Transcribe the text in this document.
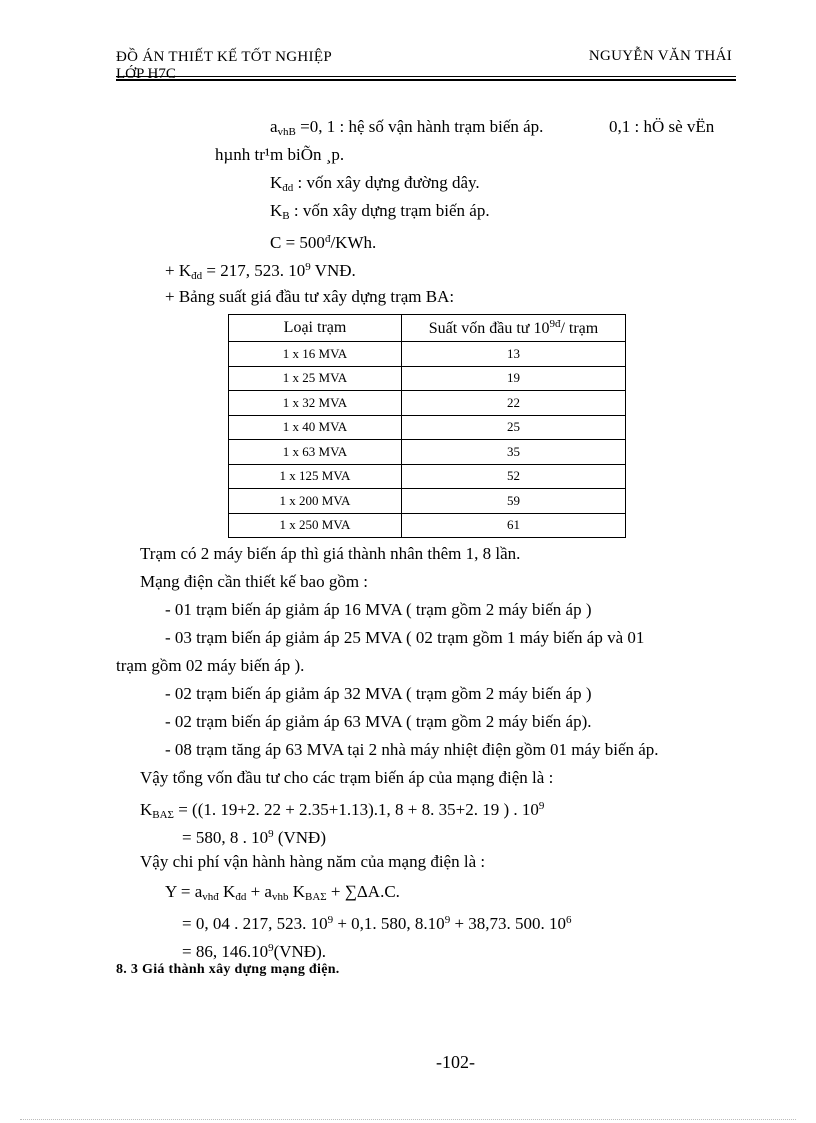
ĐỒ ÁN THIẾT KẾ TỐT NGHIỆP
LỚP H7C
NGUYỄN VĂN THÁI
$a_{vhB} =0$, 1 : hệ số vận hành trạm biến áp.	0,1 : hÖ sè vËn
hµnh tr¹m biÕn ¸p.
$K_{đd}$ : vốn xây dựng đường dây.
$K_B$ : vốn xây dựng trạm biến áp.
$C = 500^đ$/KWh.
+ $K_{đd} = 217$, 523. $10^9$ VNĐ.
+ Bảng suất giá đầu tư xây dựng trạm BA:
Loại trạm	Suất vốn đầu tư $10^{9đ}/$ trạm
1 x 16 MVA	13
1 x 25 MVA	19
1 x 32 MVA	22
1 x 40 MVA	25
1 x 63 MVA	35
1 x 125 MVA	52
1 x 200 MVA	59
1 x 250 MVA	61
Trạm có 2 máy biến áp thì giá thành nhân thêm 1, 8 lần.
Mạng điện cần thiết kế bao gồm :
- 01 trạm biến áp giảm áp 16 MVA ( trạm gồm 2 máy biến áp )
- 03 trạm biến áp giảm áp 25 MVA ( 02 trạm gồm 1 máy biến áp và 01
trạm gồm 02 máy biến áp ).
- 02 trạm biến áp giảm áp 32 MVA ( trạm gồm 2 máy biến áp )
- 02 trạm biến áp giảm áp 63 MVA ( trạm gồm 2 máy biến áp).
- 08 trạm tăng áp 63 MVA tại 2 nhà máy nhiệt điện gồm 01 máy biến áp.
Vậy tổng vốn đầu tư cho các trạm biến áp của mạng điện là :
$K_{BA\Sigma} = ((1$. 19+2. 22 + 2.35+1.13).1, 8 + 8. 35+2. 19 ) . $10^9$
= 580, 8 . $10^9$ (VNĐ)
Vậy chi phí vận hành hàng năm của mạng điện là :
$Y = a_{vhđ}$ $K_{đd} + a_{vhb}$ $K_{BA\Sigma} + \sum\Delta A.C$.
= 0, 04 . 217, 523. $10^9 + 0,1$. 580, $8.10^9 + 38,73$. 500. $10^6$
= 86, 146.10$^9$(VNĐ).
8. 3 Giá thành xây dựng mạng điện.
-102-
